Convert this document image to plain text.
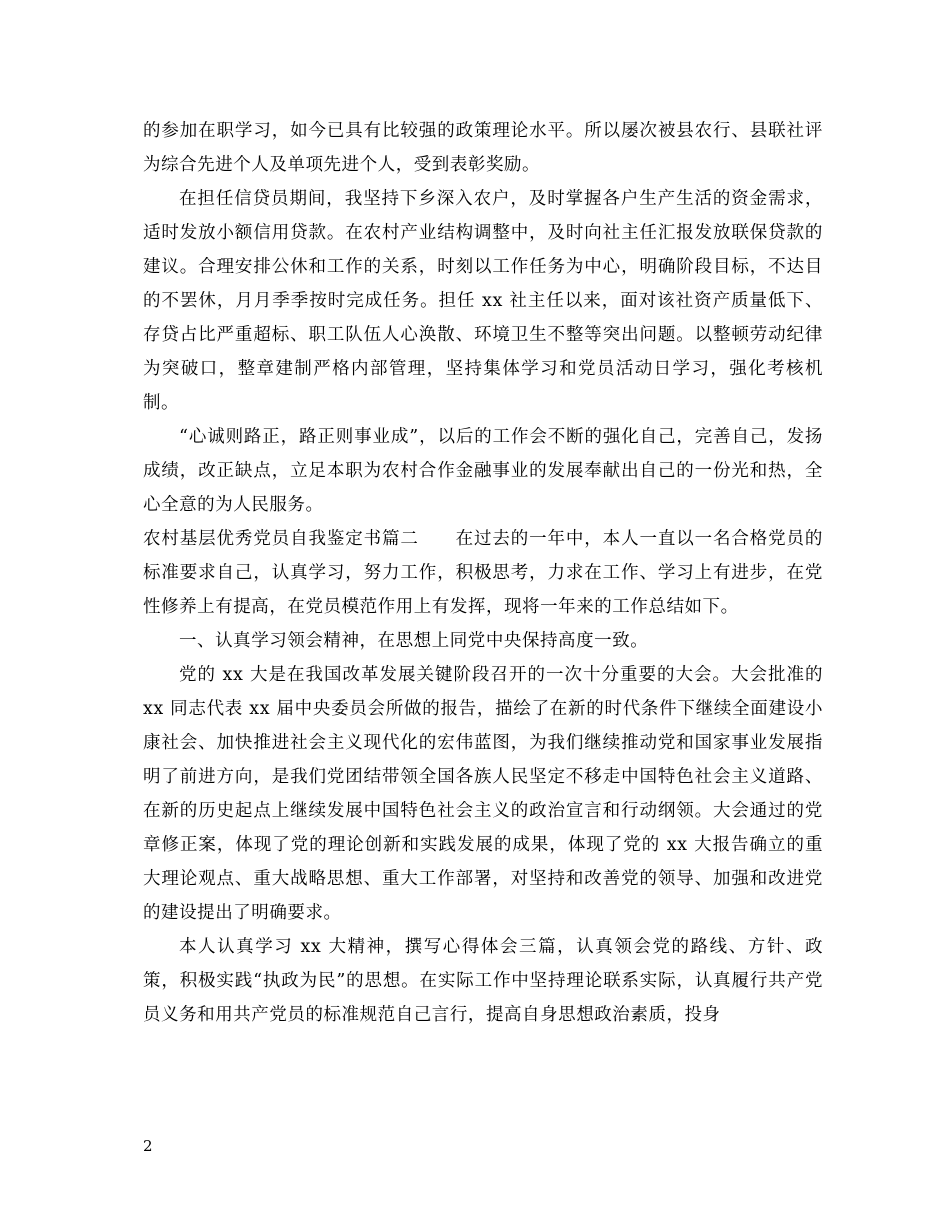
的参加在职学习，如今已具有比较强的政策理论水平。所以屡次被县农行、县联社评为综合先进个人及单项先进个人，受到表彰奖励。

在担任信贷员期间，我坚持下乡深入农户，及时掌握各户生产生活的资金需求，适时发放小额信用贷款。在农村产业结构调整中，及时向社主任汇报发放联保贷款的建议。合理安排公休和工作的关系，时刻以工作任务为中心，明确阶段目标，不达目的不罢休，月月季季按时完成任务。担任 xx 社主任以来，面对该社资产质量低下、存贷占比严重超标、职工队伍人心涣散、环境卫生不整等突出问题。以整顿劳动纪律为突破口，整章建制严格内部管理，坚持集体学习和党员活动日学习，强化考核机制。

“心诚则路正，路正则事业成”，以后的工作会不断的强化自己，完善自己，发扬成绩，改正缺点，立足本职为农村合作金融事业的发展奉献出自己的一份光和热，全心全意的为人民服务。

农村基层优秀党员自我鉴定书篇二　　在过去的一年中，本人一直以一名合格党员的标准要求自己，认真学习，努力工作，积极思考，力求在工作、学习上有进步，在党性修养上有提高，在党员模范作用上有发挥，现将一年来的工作总结如下。

一、认真学习领会精神，在思想上同党中央保持高度一致。

党的 xx 大是在我国改革发展关键阶段召开的一次十分重要的大会。大会批准的 xx 同志代表 xx 届中央委员会所做的报告，描绘了在新的时代条件下继续全面建设小康社会、加快推进社会主义现代化的宏伟蓝图，为我们继续推动党和国家事业发展指明了前进方向，是我们党团结带领全国各族人民坚定不移走中国特色社会主义道路、在新的历史起点上继续发展中国特色社会主义的政治宣言和行动纲领。大会通过的党章修正案，体现了党的理论创新和实践发展的成果，体现了党的 xx 大报告确立的重大理论观点、重大战略思想、重大工作部署，对坚持和改善党的领导、加强和改进党的建设提出了明确要求。

本人认真学习 xx 大精神，撰写心得体会三篇，认真领会党的路线、方针、政策，积极实践“执政为民”的思想。在实际工作中坚持理论联系实际，认真履行共产党员义务和用共产党员的标准规范自己言行，提高自身思想政治素质，投身

2
